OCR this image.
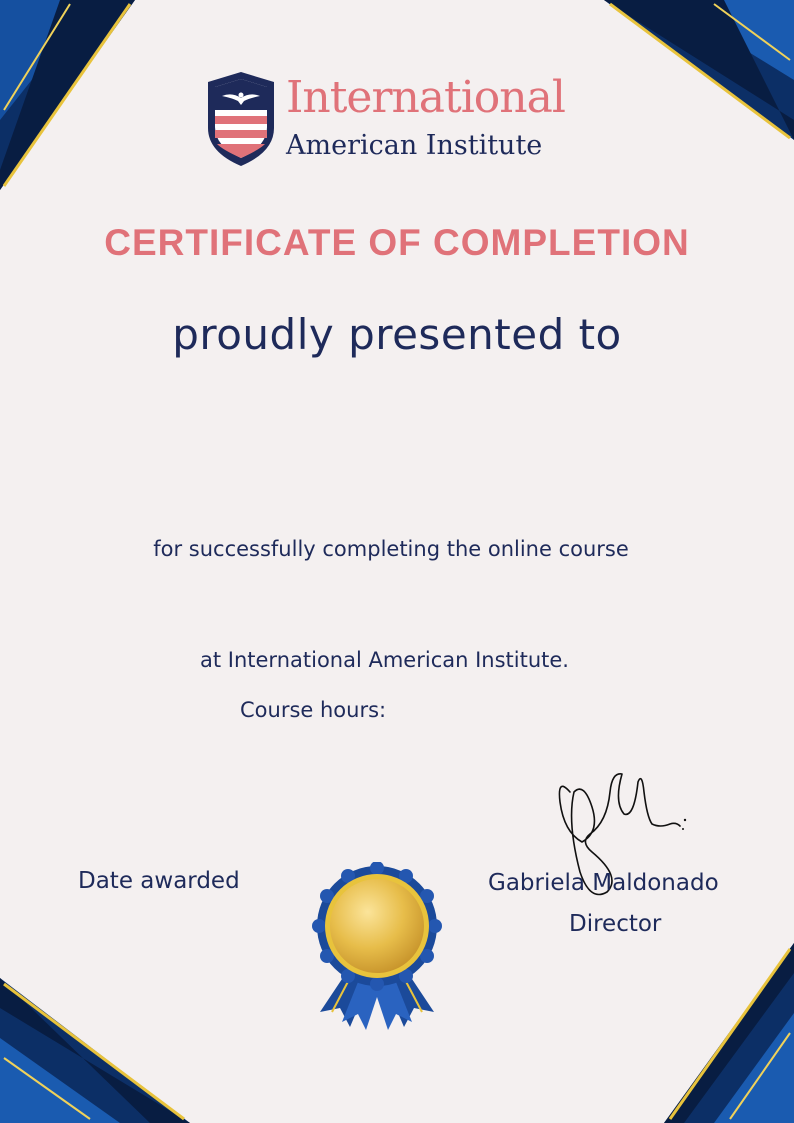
International
American Institute
CERTIFICATE OF COMPLETION
proudly presented to
for successfully completing the online course
at International American Institute.
Course hours:
Date awarded	Gabriela Maldonado
Director
